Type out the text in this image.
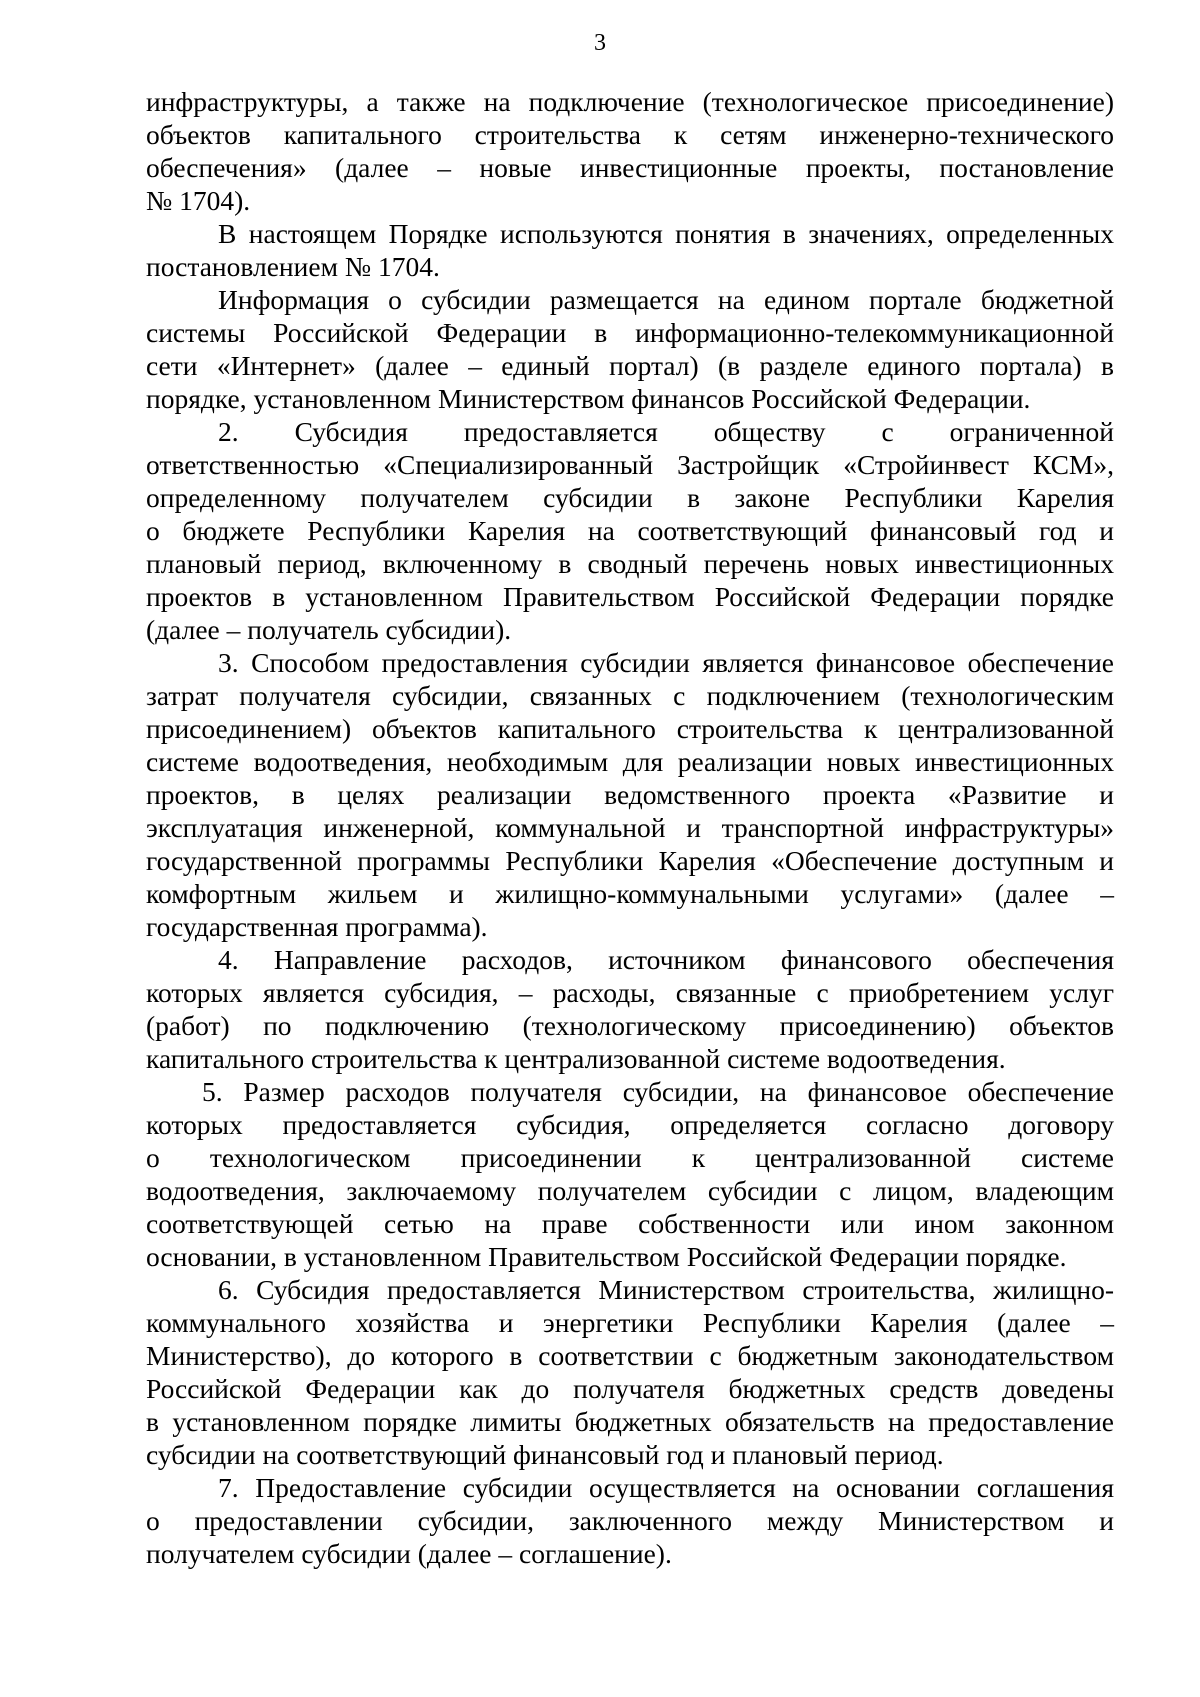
3

инфраструктуры, а также на подключение (технологическое присоединение)
объектов капитального строительства к сетям инженерно-технического
обеспечения» (далее – новые инвестиционные проекты, постановление
№ 1704).

В настоящем Порядке используются понятия в значениях, определенных
постановлением № 1704.

Информация о субсидии размещается на едином портале бюджетной
системы Российской Федерации в информационно-телекоммуникационной
сети «Интернет» (далее – единый портал) (в разделе единого портала) в
порядке, установленном Министерством финансов Российской Федерации.

2. Субсидия предоставляется обществу с ограниченной
ответственностью «Специализированный Застройщик «Стройинвест КСМ»,
определенному получателем субсидии в законе Республики Карелия
о бюджете Республики Карелия на соответствующий финансовый год и
плановый период, включенному в сводный перечень новых инвестиционных
проектов в установленном Правительством Российской Федерации порядке
(далее – получатель субсидии).

3. Способом предоставления субсидии является финансовое обеспечение
затрат получателя субсидии, связанных с подключением (технологическим
присоединением) объектов капитального строительства к централизованной
системе водоотведения, необходимым для реализации новых инвестиционных
проектов, в целях реализации ведомственного проекта «Развитие и
эксплуатация инженерной, коммунальной и транспортной инфраструктуры»
государственной программы Республики Карелия «Обеспечение доступным и
комфортным жильем и жилищно-коммунальными услугами» (далее –
государственная программа).

4. Направление расходов, источником финансового обеспечения
которых является субсидия, – расходы, связанные с приобретением услуг
(работ) по подключению (технологическому присоединению) объектов
капитального строительства к централизованной системе водоотведения.

5. Размер расходов получателя субсидии, на финансовое обеспечение
которых предоставляется субсидия, определяется согласно договору
о технологическом присоединении к централизованной системе
водоотведения, заключаемому получателем субсидии с лицом, владеющим
соответствующей сетью на праве собственности или ином законном
основании, в установленном Правительством Российской Федерации порядке.

6. Субсидия предоставляется Министерством строительства, жилищно-
коммунального хозяйства и энергетики Республики Карелия (далее –
Министерство), до которого в соответствии с бюджетным законодательством
Российской Федерации как до получателя бюджетных средств доведены
в установленном порядке лимиты бюджетных обязательств на предоставление
субсидии на соответствующий финансовый год и плановый период.

7. Предоставление субсидии осуществляется на основании соглашения
о предоставлении субсидии, заключенного между Министерством и
получателем субсидии (далее – соглашение).
